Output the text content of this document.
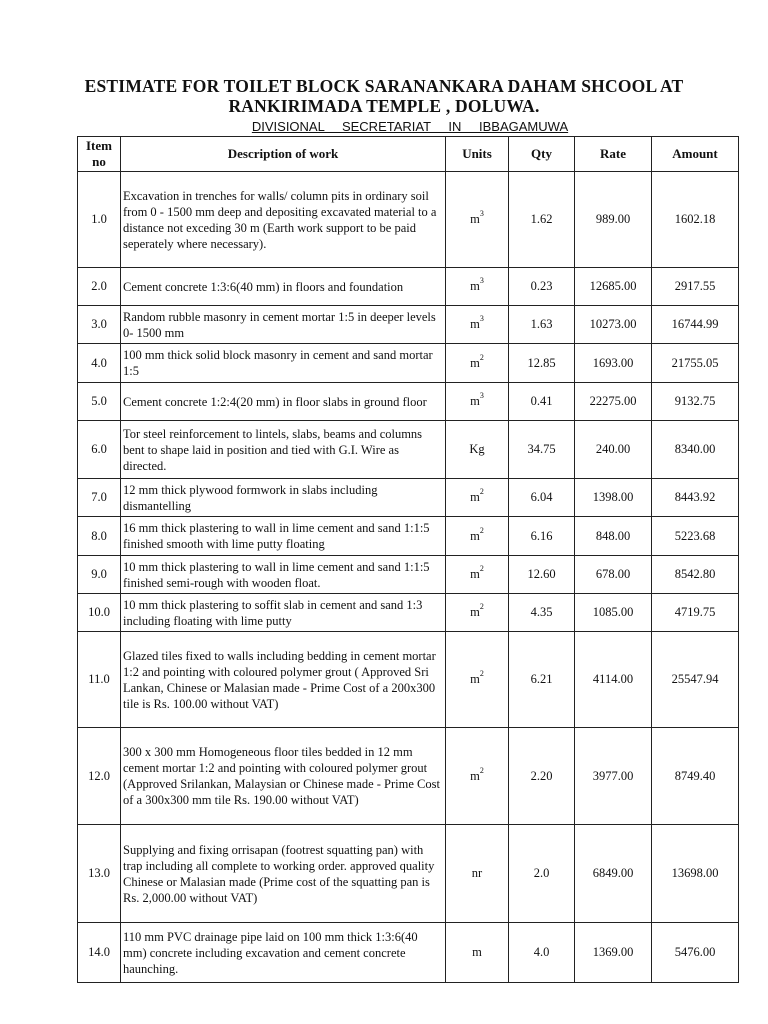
ESTIMATE FOR TOILET BLOCK SARANANKARA DAHAM SHCOOL AT
RANKIRIMADA TEMPLE , DOLUWA.
DIVISIONAL SECRETARIAT IN IBBAGAMUWA
Item no	Description of work	Units	Qty	Rate	Amount
1.0	Excavation in trenches for walls/ column pits in ordinary soil from 0 - 1500 mm deep and depositing excavated material to a distance not exceding 30 m (Earth work support to be paid seperately where necessary).	$m^3$	1.62	989.00	1602.18
2.0	Cement concrete 1:3:6(40 mm) in floors and foundation	$m^3$	0.23	12685.00	2917.55
3.0	Random rubble masonry in cement mortar 1:5 in deeper levels 0- 1500 mm	$m^3$	1.63	10273.00	16744.99
4.0	100 mm thick solid block masonry in cement and sand mortar 1:5	$m^2$	12.85	1693.00	21755.05
5.0	Cement concrete 1:2:4(20 mm) in floor slabs in ground floor	$m^3$	0.41	22275.00	9132.75
6.0	Tor steel reinforcement to lintels, slabs, beams and columns bent to shape laid in position and tied with G.I. Wire as directed.	Kg	34.75	240.00	8340.00
7.0	12 mm thick plywood formwork in slabs including dismantelling	$m^2$	6.04	1398.00	8443.92
8.0	16 mm thick plastering to wall in lime cement and sand 1:1:5 finished smooth with lime putty floating	$m^2$	6.16	848.00	5223.68
9.0	10 mm thick plastering to wall in lime cement and sand 1:1:5 finished semi-rough with wooden float.	$m^2$	12.60	678.00	8542.80
10.0	10 mm thick plastering to soffit slab in cement and sand 1:3 including floating with lime putty	$m^2$	4.35	1085.00	4719.75
11.0	Glazed tiles fixed to walls including bedding in cement mortar 1:2 and pointing with coloured polymer grout ( Approved Sri Lankan, Chinese or Malasian made - Prime Cost of a 200x300 tile is Rs. 100.00 without VAT)	$m^2$	6.21	4114.00	25547.94
12.0	300 x 300 mm Homogeneous floor tiles bedded in 12 mm cement mortar 1:2 and pointing with coloured polymer grout (Approved Srilankan, Malaysian or Chinese made - Prime Cost of a 300x300 mm tile Rs. 190.00 without VAT)	$m^2$	2.20	3977.00	8749.40
13.0	Supplying and fixing orrisapan (footrest squatting pan) with trap including all complete to working order. approved quality Chinese or Malasian made (Prime cost of the squatting pan is Rs. 2,000.00 without VAT)	nr	2.0	6849.00	13698.00
14.0	110 mm PVC drainage pipe laid on 100 mm thick 1:3:6(40 mm) concrete including excavation and cement concrete haunching.	m	4.0	1369.00	5476.00
